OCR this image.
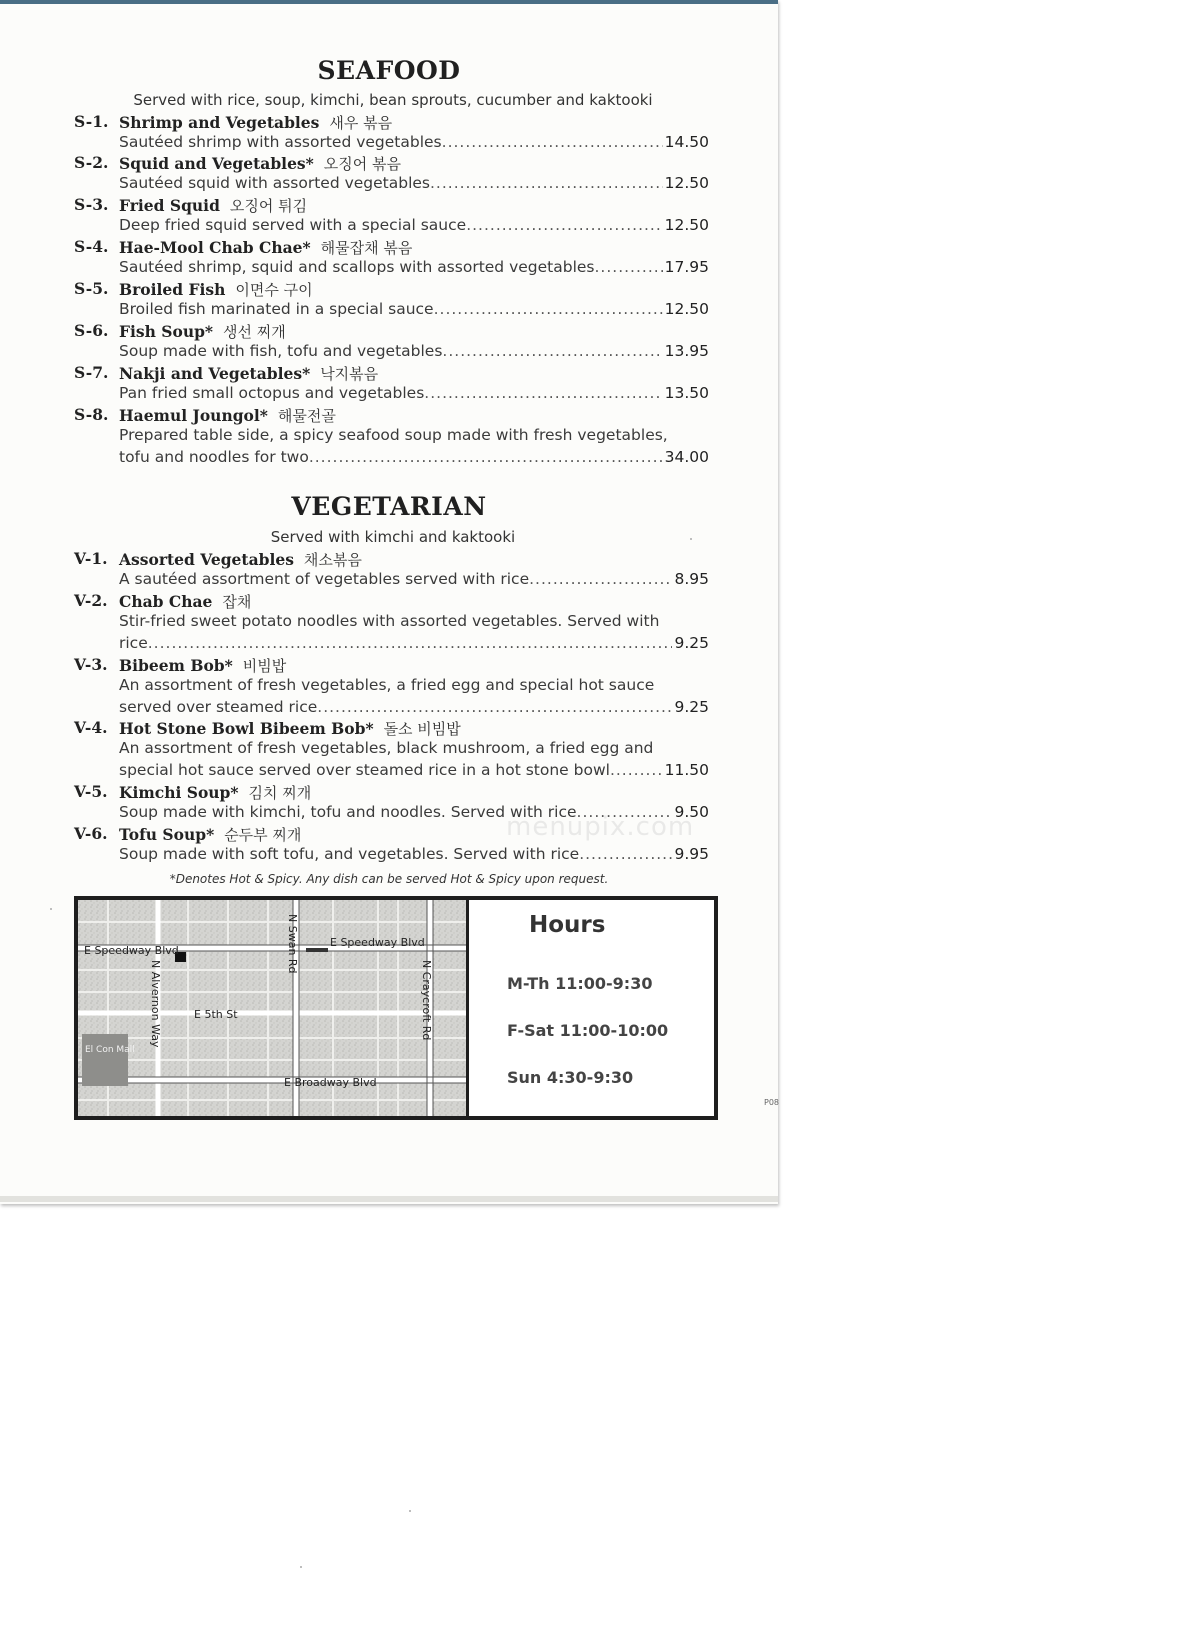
SEAFOOD
Served with rice, soup, kimchi, bean sprouts, cucumber and kaktooki
S-1. Shrimp and Vegetables 새우 볶음
Sautéed shrimp with assorted vegetables .....	14.50
S-2. Squid and Vegetables* 오징어 볶음
Sautéed squid with assorted vegetables .....	12.50
S-3. Fried Squid 오징어 튀김
Deep fried squid served with a special sauce .....	12.50
S-4. Hae-Mool Chab Chae* 해물잡채 볶음
Sautéed shrimp, squid and scallops with assorted vegetables .....	17.95
S-5. Broiled Fish 이면수 구이
Broiled fish marinated in a special sauce .....	12.50
S-6. Fish Soup* 생선 찌개
Soup made with fish, tofu and vegetables .....	13.95
S-7. Nakji and Vegetables* 낙지볶음
Pan fried small octopus and vegetables .....	13.50
S-8. Haemul Joungol* 해물전골
Prepared table side, a spicy seafood soup made with fresh vegetables,
tofu and noodles for two .....	34.00
VEGETARIAN
Served with kimchi and kaktooki
V-1. Assorted Vegetables 채소볶음
A sautéed assortment of vegetables served with rice .....	8.95
V-2. Chab Chae 잡채
Stir-fried sweet potato noodles with assorted vegetables. Served with
rice .....	9.25
V-3. Bibeem Bob* 비빔밥
An assortment of fresh vegetables, a fried egg and special hot sauce
served over steamed rice .....	9.25
V-4. Hot Stone Bowl Bibeem Bob* 돌소 비빔밥
An assortment of fresh vegetables, black mushroom, a fried egg and
special hot sauce served over steamed rice in a hot stone bowl .....	11.50
V-5. Kimchi Soup* 김치 찌개
Soup made with kimchi, tofu and noodles. Served with rice .....	9.50
V-6. Tofu Soup* 순두부 찌개
Soup made with soft tofu, and vegetables. Served with rice .....	9.95
menupix.com
*Denotes Hot & Spicy. Any dish can be served Hot & Spicy upon request.
E Speedway Blvd
E Speedway Blvd
E 5th St
E Broadway Blvd
N Alvernon Way
N Swan Rd
N Craycroft Rd
El Con Mall
Hours
M-Th 11:00-9:30
F-Sat 11:00-10:00
Sun 4:30-9:30
P08
